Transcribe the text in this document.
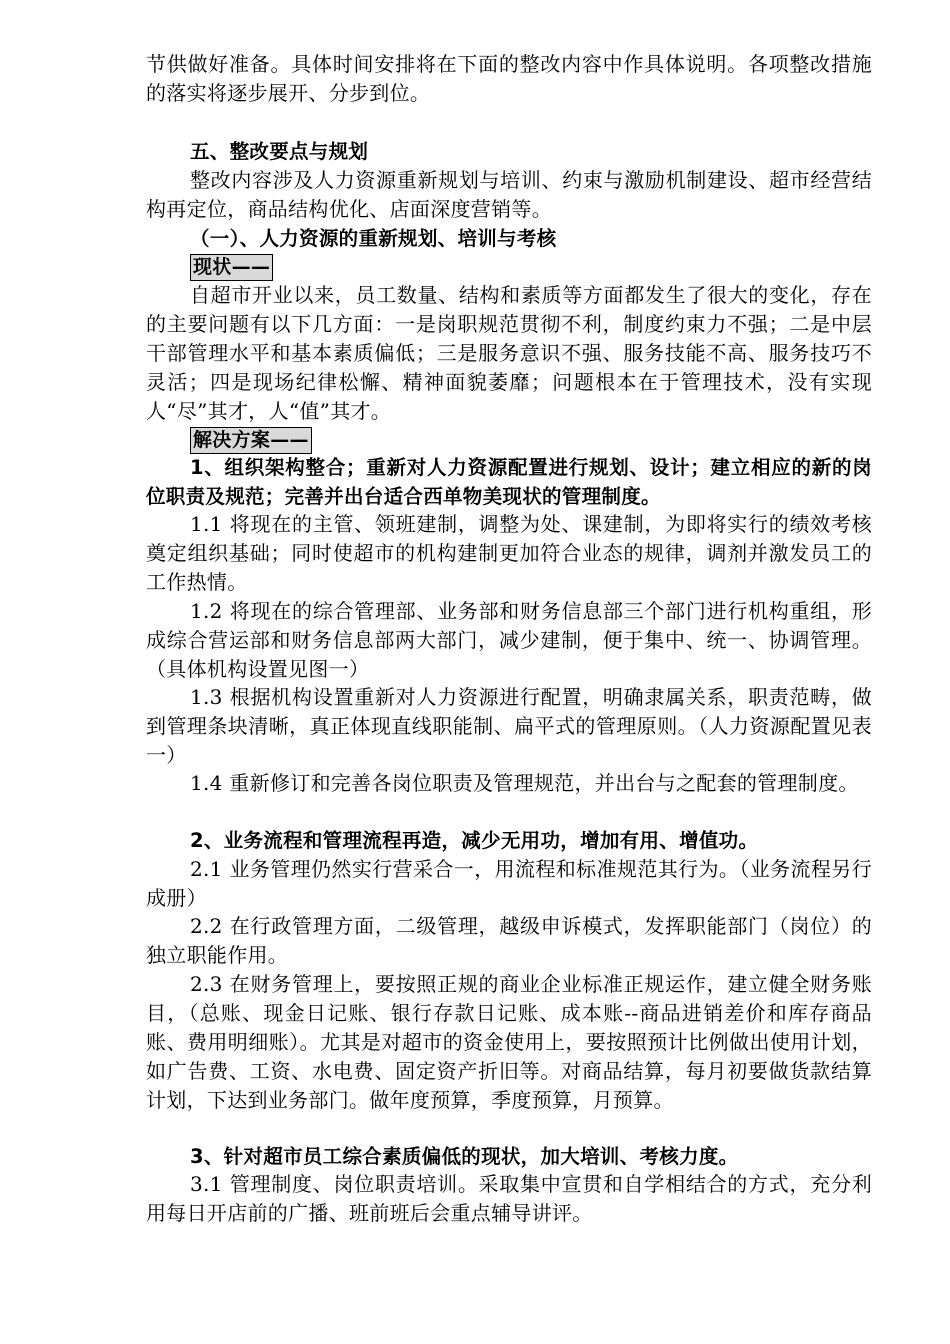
节供做好准备。具体时间安排将在下面的整改内容中作具体说明。各项整改措施的落实将逐步展开、分步到位。

五、整改要点与规划

整改内容涉及人力资源重新规划与培训、约束与激励机制建设、超市经营结构再定位，商品结构优化、店面深度营销等。

（一）、人力资源的重新规划、培训与考核

现状——

自超市开业以来，员工数量、结构和素质等方面都发生了很大的变化，存在的主要问题有以下几方面：一是岗职规范贯彻不利，制度约束力不强；二是中层干部管理水平和基本素质偏低；三是服务意识不强、服务技能不高、服务技巧不灵活；四是现场纪律松懈、精神面貌萎靡；问题根本在于管理技术，没有实现人“尽”其才，人“值”其才。

解决方案——

1、组织架构整合；重新对人力资源配置进行规划、设计；建立相应的新的岗位职责及规范；完善并出台适合西单物美现状的管理制度。

1.1 将现在的主管、领班建制，调整为处、课建制，为即将实行的绩效考核奠定组织基础；同时使超市的机构建制更加符合业态的规律，调剂并激发员工的工作热情。

1.2 将现在的综合管理部、业务部和财务信息部三个部门进行机构重组，形成综合营运部和财务信息部两大部门，减少建制，便于集中、统一、协调管理。（具体机构设置见图一）

1.3 根据机构设置重新对人力资源进行配置，明确隶属关系，职责范畴，做到管理条块清晰，真正体现直线职能制、扁平式的管理原则。（人力资源配置见表一）

1.4 重新修订和完善各岗位职责及管理规范，并出台与之配套的管理制度。

2、业务流程和管理流程再造，减少无用功，增加有用、增值功。

2.1 业务管理仍然实行营采合一，用流程和标准规范其行为。（业务流程另行成册）

2.2 在行政管理方面，二级管理，越级申诉模式，发挥职能部门（岗位）的独立职能作用。

2.3 在财务管理上，要按照正规的商业企业标准正规运作，建立健全财务账目，（总账、现金日记账、银行存款日记账、成本账--商品进销差价和库存商品账、费用明细账）。尤其是对超市的资金使用上，要按照预计比例做出使用计划，如广告费、工资、水电费、固定资产折旧等。对商品结算，每月初要做货款结算计划，下达到业务部门。做年度预算，季度预算，月预算。

3、针对超市员工综合素质偏低的现状，加大培训、考核力度。

3.1 管理制度、岗位职责培训。采取集中宣贯和自学相结合的方式，充分利用每日开店前的广播、班前班后会重点辅导讲评。
